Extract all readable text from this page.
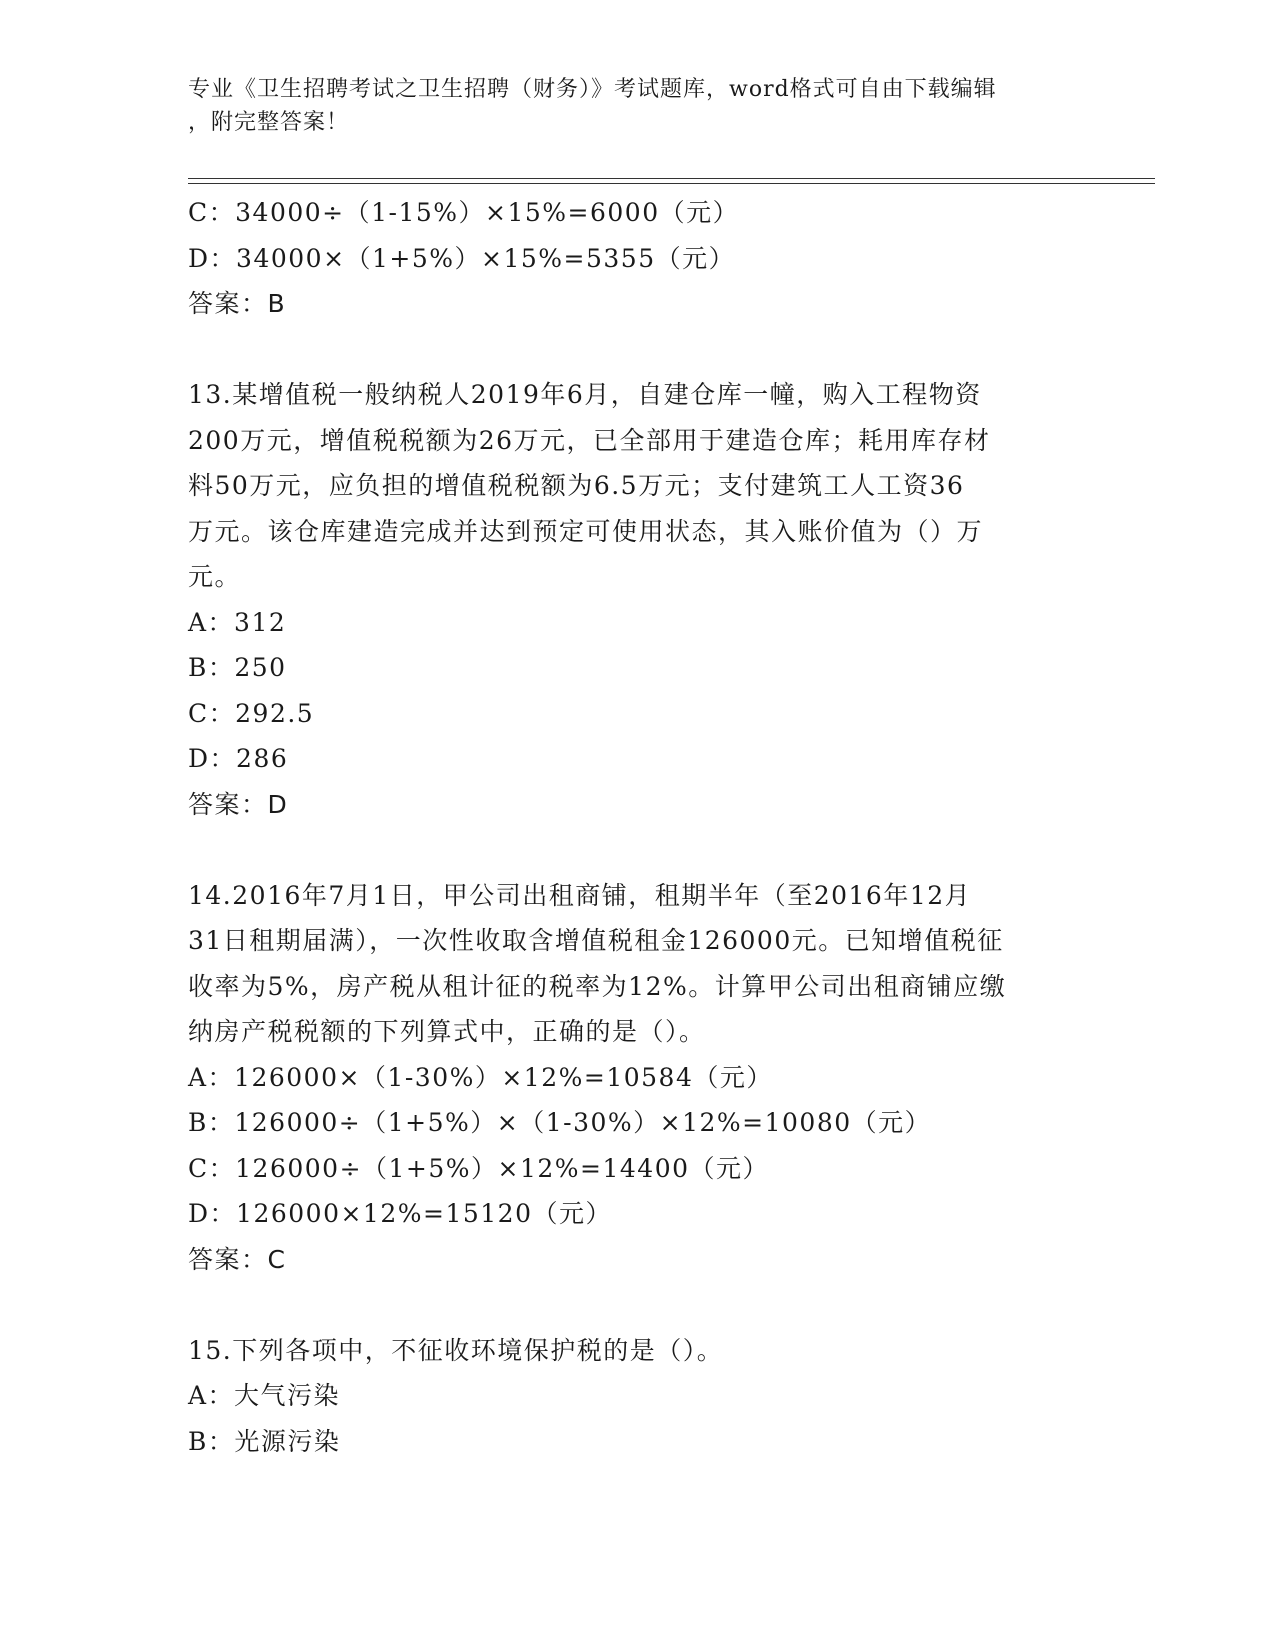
专业《卫生招聘考试之卫生招聘（财务）》考试题库，word格式可自由下载编辑
，附完整答案！
C：34000÷（1-15%）×15%=6000（元）
D：34000×（1+5%）×15%=5355（元）
答案：B
13.某增值税一般纳税人2019年6月，自建仓库一幢，购入工程物资
200万元，增值税税额为26万元，已全部用于建造仓库；耗用库存材
料50万元，应负担的增值税税额为6.5万元；支付建筑工人工资36
万元。该仓库建造完成并达到预定可使用状态，其入账价值为（）万
元。
A：312
B：250
C：292.5
D：286
答案：D
14.2016年7月1日，甲公司出租商铺，租期半年（至2016年12月
31日租期届满），一次性收取含增值税租金126000元。已知增值税征
收率为5%，房产税从租计征的税率为12%。计算甲公司出租商铺应缴
纳房产税税额的下列算式中，正确的是（）。
A：126000×（1-30%）×12%=10584（元）
B：126000÷（1+5%）×（1-30%）×12%=10080（元）
C：126000÷（1+5%）×12%=14400（元）
D：126000×12%=15120（元）
答案：C
15.下列各项中，不征收环境保护税的是（）。
A：大气污染
B：光源污染
